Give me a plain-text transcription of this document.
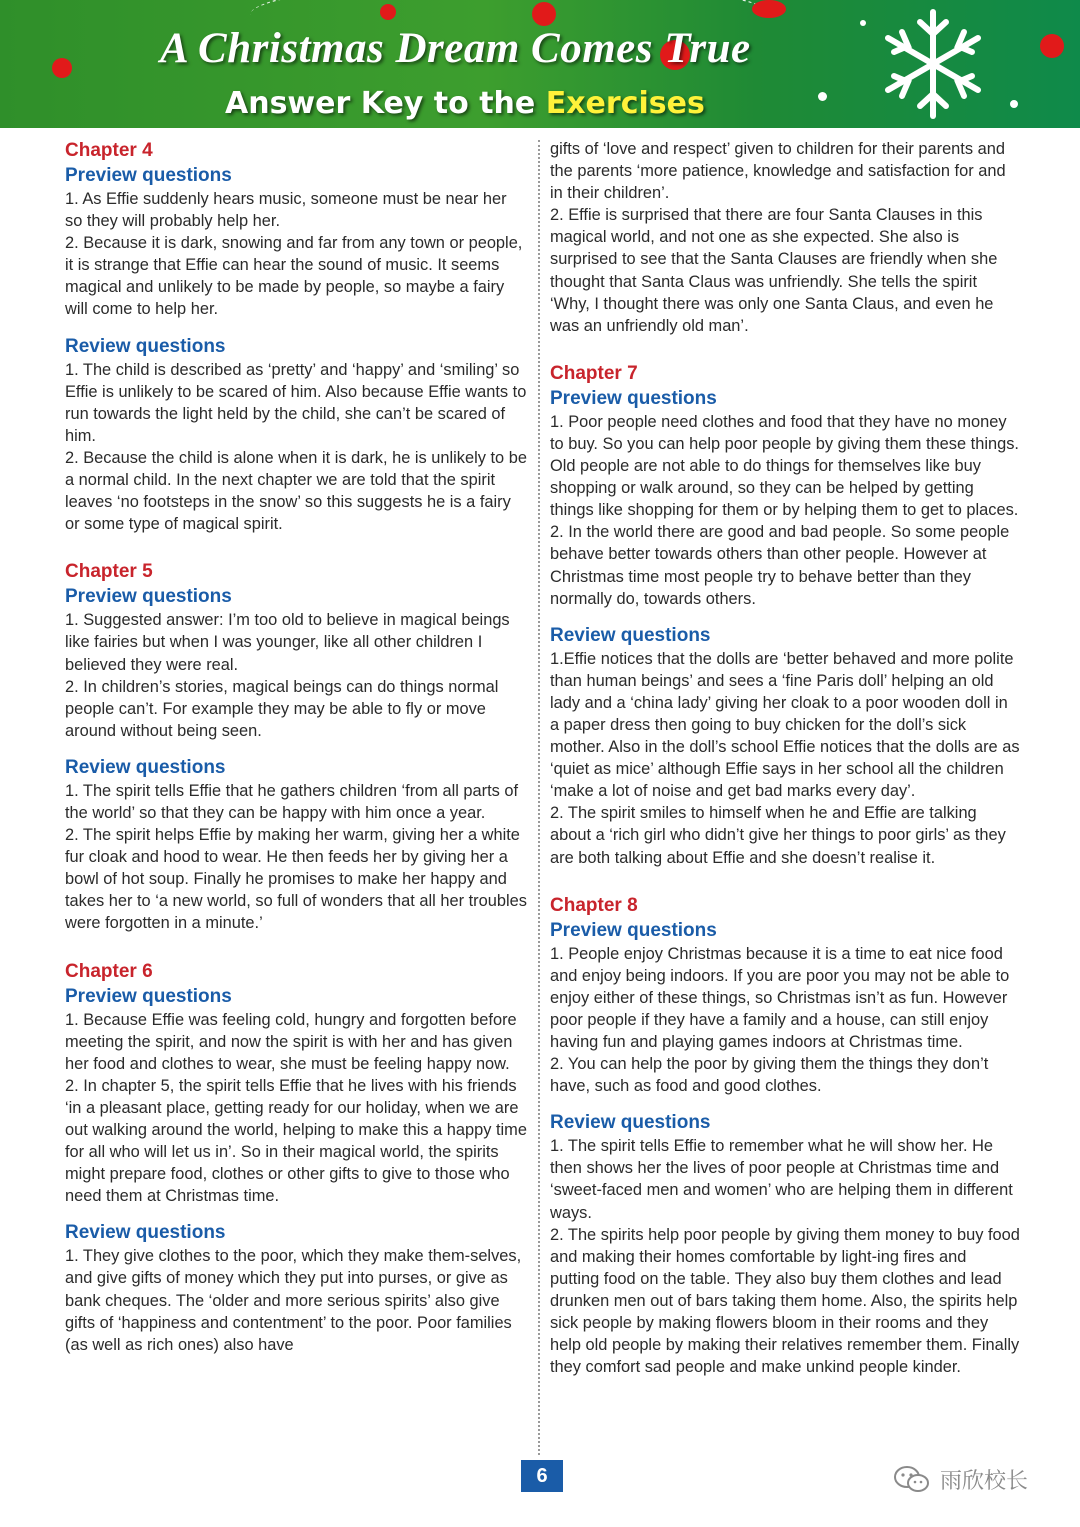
A Christmas Dream Comes True
Answer Key to the Exercises
Chapter 4
Preview questions

1. As Effie suddenly hears music, someone must be near her so they will probably help her.

2. Because it is dark, snowing and far from any town or people, it is strange that Effie can hear the sound of music. It seems magical and unlikely to be made by people, so maybe a fairy will come to help her.

Review questions

1. The child is described as ‘pretty’ and ‘happy’ and ‘smiling’ so Effie is unlikely to be scared of him. Also because Effie wants to run towards the light held by the child, she can’t be scared of him.

2. Because the child is alone when it is dark, he is unlikely to be a normal child. In the next chapter we are told that the spirit leaves ‘no footsteps in the snow’ so this suggests he is a fairy or some type of magical spirit.

Chapter 5
Preview questions

1. Suggested answer: I’m too old to believe in magical beings like fairies but when I was younger, like all other children I believed they were real.

2. In children’s stories, magical beings can do things normal people can’t. For example they may be able to fly or move around without being seen.

Review questions

1. The spirit tells Effie that he gathers children ‘from all parts of the world’ so that they can be happy with him once a year.

2. The spirit helps Effie by making her warm, giving her a white fur cloak and hood to wear. He then feeds her by giving her a bowl of hot soup. Finally he promises to make her happy and takes her to ‘a new world, so full of wonders that all her troubles were forgotten in a minute.’

Chapter 6
Preview questions

1. Because Effie was feeling cold, hungry and forgotten before meeting the spirit, and now the spirit is with her and has given her food and clothes to wear, she must be feeling happy now.

2. In chapter 5, the spirit tells Effie that he lives with his friends ‘in a pleasant place, getting ready for our holiday, when we are out walking around the world, helping to make this a happy time for all who will let us in’. So in their magical world, the spirits might prepare food, clothes or other gifts to give to those who need them at Christmas time.

Review questions

1. They give clothes to the poor, which they make them-selves, and give gifts of money which they put into purses, or give as bank cheques. The ‘older and more serious spirits’ also give gifts of ‘happiness and contentment’ to the poor. Poor families (as well as rich ones) also have

gifts of ‘love and respect’ given to children for their parents and the parents ‘more patience, knowledge and satisfaction for and in their children’.

2. Effie is surprised that there are four Santa Clauses in this magical world, and not one as she expected. She also is surprised to see that the Santa Clauses are friendly when she thought that Santa Claus was unfriendly. She tells the spirit ‘Why, I thought there was only one Santa Claus, and even he was an unfriendly old man’.

Chapter 7
Preview questions

1. Poor people need clothes and food that they have no money to buy. So you can help poor people by giving them these things. Old people are not able to do things for themselves like buy shopping or walk around, so they can be helped by getting things like shopping for them or by helping them to get to places.

2. In the world there are good and bad people. So some people behave better towards others than other people. However at Christmas time most people try to behave better than they normally do, towards others.

Review questions

1.Effie notices that the dolls are ‘better behaved and more polite than human beings’ and sees a ‘fine Paris doll’ helping an old lady and a ‘china lady’ giving her cloak to a poor wooden doll in a paper dress then going to buy chicken for the doll’s sick mother. Also in the doll’s school Effie notices that the dolls are as ‘quiet as mice’ although Effie says in her school all the children ‘make a lot of noise and get bad marks every day’.

2. The spirit smiles to himself when he and Effie are talking about a ‘rich girl who didn’t give her things to poor girls’ as they are both talking about Effie and she doesn’t realise it.

Chapter 8
Preview questions

1. People enjoy Christmas because it is a time to eat nice food and enjoy being indoors. If you are poor you may not be able to enjoy either of these things, so Christmas isn’t as fun. However poor people if they have a family and a house, can still enjoy having fun and playing games indoors at Christmas time.

2. You can help the poor by giving them the things they don’t have, such as food and good clothes.

Review questions

1. The spirit tells Effie to remember what he will show her. He then shows her the lives of poor people at Christmas time and ‘sweet-faced men and women’ who are helping them in different ways.

2. The spirits help poor people by giving them money to buy food and making their homes comfortable by light-ing fires and putting food on the table. They also buy them clothes and lead drunken men out of bars taking them home. Also, the spirits help sick people by making flowers bloom in their rooms and they help old people by making their relatives remember them. Finally they comfort sad people and make unkind people kinder.

6	雨欣校长
